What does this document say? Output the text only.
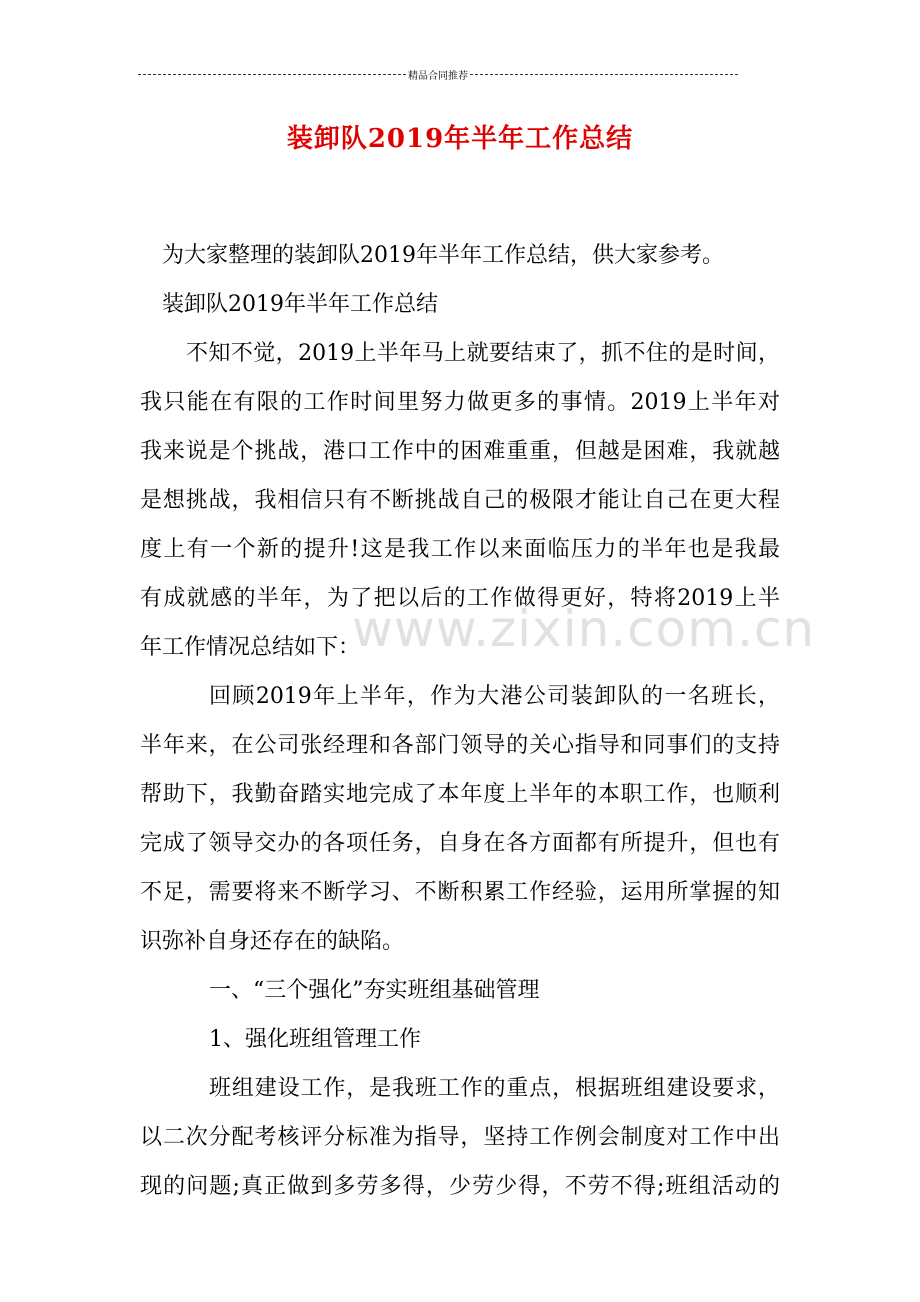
精品合同推荐
装卸队2019年半年工作总结
www.zixin.com.cn
为大家整理的装卸队2019年半年工作总结，供大家参考。
装卸队2019年半年工作总结
不知不觉，2019上半年马上就要结束了，抓不住的是时间，
我只能在有限的工作时间里努力做更多的事情。2019上半年对
我来说是个挑战，港口工作中的困难重重，但越是困难，我就越
是想挑战，我相信只有不断挑战自己的极限才能让自己在更大程
度上有一个新的提升!这是我工作以来面临压力的半年也是我最
有成就感的半年，为了把以后的工作做得更好，特将2019上半
年工作情况总结如下：
回顾2019年上半年，作为大港公司装卸队的一名班长，
半年来，在公司张经理和各部门领导的关心指导和同事们的支持
帮助下，我勤奋踏实地完成了本年度上半年的本职工作，也顺利
完成了领导交办的各项任务，自身在各方面都有所提升，但也有
不足，需要将来不断学习、不断积累工作经验，运用所掌握的知
识弥补自身还存在的缺陷。
一、“三个强化”夯实班组基础管理
1、强化班组管理工作
班组建设工作，是我班工作的重点，根据班组建设要求，
以二次分配考核评分标准为指导，坚持工作例会制度对工作中出
现的问题;真正做到多劳多得，少劳少得，不劳不得;班组活动的
